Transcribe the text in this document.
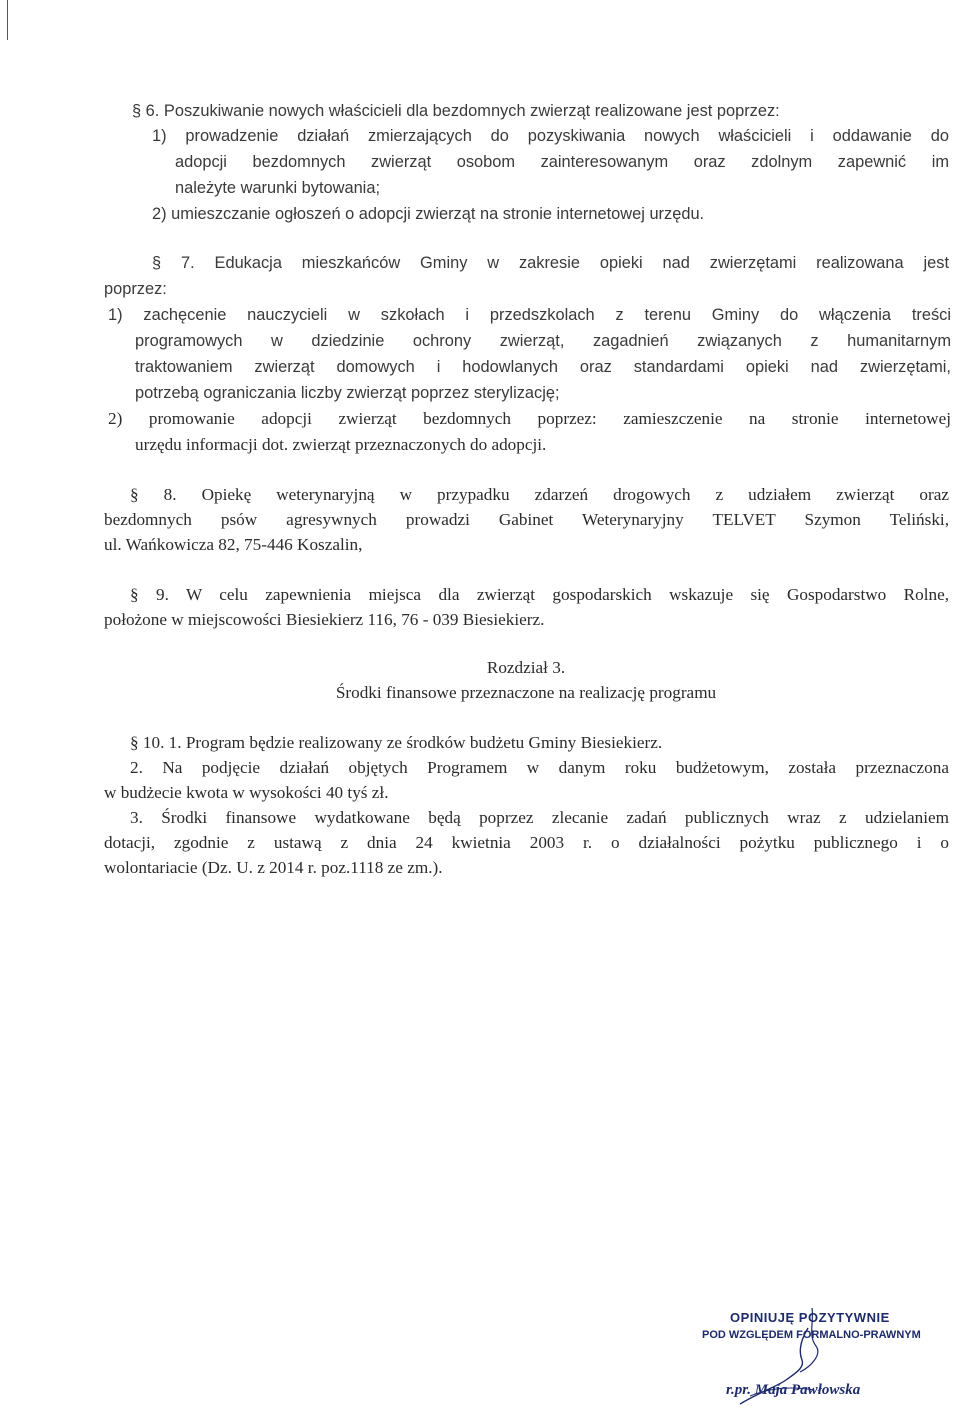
§ 6. Poszukiwanie nowych właścicieli dla bezdomnych zwierząt realizowane jest poprzez:
1) prowadzenie działań zmierzających do pozyskiwania nowych właścicieli i oddawanie do
adopcji bezdomnych zwierząt osobom zainteresowanym oraz zdolnym zapewnić im
należyte warunki bytowania;
2) umieszczanie ogłoszeń o adopcji zwierząt na stronie internetowej urzędu.
§ 7. Edukacja mieszkańców Gminy w zakresie opieki nad zwierzętami realizowana jest
poprzez:
1) zachęcenie nauczycieli w szkołach i przedszkolach z terenu Gminy do włączenia treści
programowych w dziedzinie ochrony zwierząt, zagadnień związanych z humanitarnym
traktowaniem zwierząt domowych i hodowlanych oraz standardami opieki nad zwierzętami,
potrzebą ograniczania liczby zwierząt poprzez sterylizację;
2) promowanie adopcji zwierząt bezdomnych poprzez: zamieszczenie na stronie internetowej
urzędu informacji dot. zwierząt przeznaczonych do adopcji.
§ 8. Opiekę weterynaryjną w przypadku zdarzeń drogowych z udziałem zwierząt oraz
bezdomnych psów agresywnych prowadzi Gabinet Weterynaryjny TELVET Szymon Teliński,
ul. Wańkowicza 82, 75-446 Koszalin,
§ 9. W celu zapewnienia miejsca dla zwierząt gospodarskich wskazuje się Gospodarstwo Rolne,
położone w miejscowości Biesiekierz 116, 76 - 039 Biesiekierz.
Rozdział 3.
Środki finansowe przeznaczone na realizację programu
§ 10. 1. Program będzie realizowany ze środków budżetu Gminy Biesiekierz.
2. Na podjęcie działań objętych Programem w danym roku budżetowym, została przeznaczona
w budżecie kwota w wysokości 40 tyś zł.
3. Środki finansowe wydatkowane będą poprzez zlecanie zadań publicznych wraz z udzielaniem
dotacji, zgodnie z ustawą z dnia 24 kwietnia 2003 r. o działalności pożytku publicznego i o
wolontariacie (Dz. U. z 2014 r. poz.1118 ze zm.).
OPINIUJĘ POZYTYWNIE
POD WZGLĘDEM FORMALNO-PRAWNYM
r.pr. Maja Pawłowska
